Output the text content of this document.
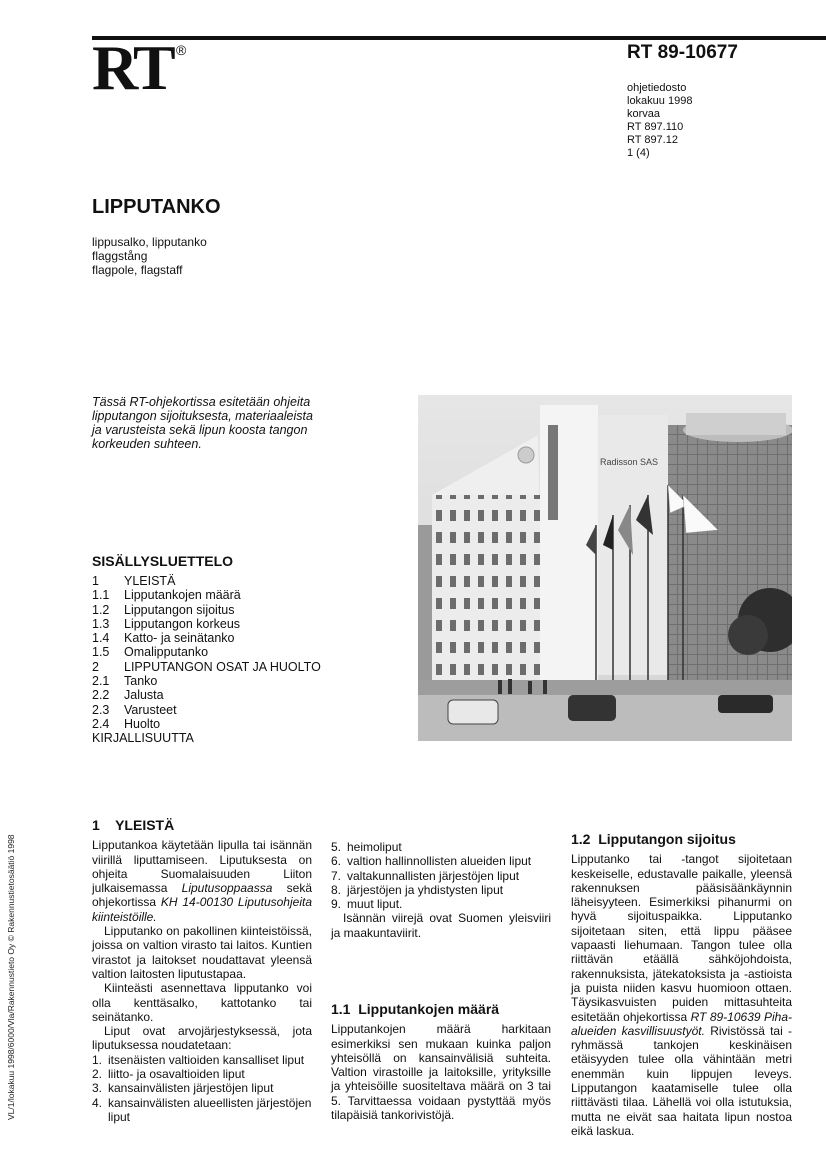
RT ®	RT 89-10677
ohjetiedosto
lokakuu 1998
korvaa
RT 897.110
RT 897.12
1 (4)
LIPPUTANKO
lippusalko, lipputanko
flaggstång
flagpole, flagstaff
Tässä RT-ohjekortissa esitetään ohjeita lipputangon sijoituksesta, materiaaleista ja varusteista sekä lipun koosta tangon korkeuden suhteen.
Radisson SAS
SISÄLLYSLUETTELO
1	YLEISTÄ
1.1	Lipputankojen määrä
1.2	Lipputangon sijoitus
1.3	Lipputangon korkeus
1.4	Katto- ja seinätanko
1.5	Omalipputanko
2	LIPPUTANGON OSAT JA HUOLTO
2.1	Tanko
2.2	Jalusta
2.3	Varusteet
2.4	Huolto
KIRJALLISUUTTA
1    YLEISTÄ

Lipputankoa käytetään lipulla tai isännän viirillä liputtamiseen. Liputuksesta on ohjeita Suomalaisuuden Liiton julkaisemassa Liputusoppaassa sekä ohjekortissa KH 14-00130 Liputusohjeita kiinteistöille.

Lipputanko on pakollinen kiinteistöissä, joissa on valtion virasto tai laitos. Kuntien virastot ja laitokset noudattavat yleensä valtion laitosten liputustapaa.

Kiinteästi asennettava lipputanko voi olla kenttäsalko, kattotanko tai seinätanko.

Liput ovat arvojärjestyksessä, jota liputuksessa noudatetaan:

1. itsenäisten valtioiden kansalliset liput
2. liitto- ja osavaltioiden liput
3. kansainvälisten järjestöjen liput
4. kansainvälisten alueellisten järjestöjen liput
5. heimoliput
6. valtion hallinnollisten alueiden liput
7. valtakunnallisten järjestöjen liput
8. järjestöjen ja yhdistysten liput
9. muut liput.

Isännän viirejä ovat Suomen yleisviiri ja maakuntaviirit.

1.1  Lipputankojen määrä

Lipputankojen määrä harkitaan esimerkiksi sen mukaan kuinka paljon yhteisöllä on kansainvälisiä suhteita. Valtion virastoille ja laitoksille, yrityksille ja yhteisöille suositeltava määrä on 3 tai 5. Tarvittaessa voidaan pystyttää myös tilapäisiä tankorivistöjä.

1.2  Lipputangon sijoitus

Lipputanko tai -tangot sijoitetaan keskeiselle, edustavalle paikalle, yleensä rakennuksen pääsisäänkäynnin läheisyyteen. Esimerkiksi pihanurmi on hyvä sijoituspaikka. Lipputanko sijoitetaan siten, että lippu pääsee vapaasti liehumaan. Tangon tulee olla riittävän etäällä sähköjohdoista, rakennuksista, jätekatoksista ja -astioista ja puista niiden kasvu huomioon ottaen. Täysikasvuisten puiden mittasuhteita esitetään ohjekortissa RT 89-10639 Piha-alueiden kasvillisuustyöt. Rivistössä tai -ryhmässä tankojen keskinäisen etäisyyden tulee olla vähintään metri enemmän kuin lippujen leveys. Lipputangon kaatamiselle tulee olla riittävästi tilaa. Lähellä voi olla istutuksia, mutta ne eivät saa haitata lipun nostoa eikä laskua.

VL/1/lokakuu 1998/6000/Vla/Rakennustieto Oy © Rakennustietosäätiö 1998
